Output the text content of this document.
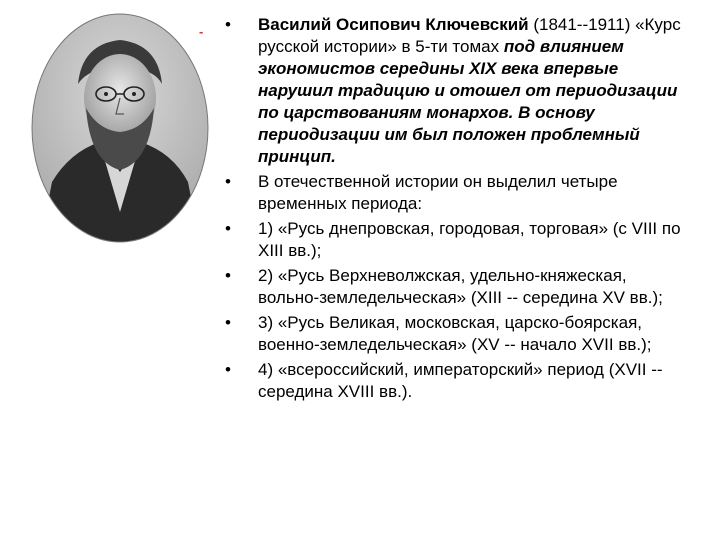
- • Василий Осипович Ключевский (1841--1911) «Курс русской истории» в 5-ти томах под влиянием экономистов середины XIX века впервые нарушил традицию и отошел от периодизации по царствованиям монархов. В основу периодизации им был положен проблемный принцип.
• В отечественной истории он выделил четыре временных периода:
• 1) «Русь днепровская, городовая, торговая» (с VIII по XIII вв.);
• 2) «Русь Верхневолжская, удельно-княжеская, вольно-земледельческая» (XIII -- середина XV вв.);
• 3) «Русь Великая, московская, царско-боярская, военно-земледельческая» (XV -- начало XVII вв.);
• 4) «всероссийский, императорский» период (XVII -- середина XVIII вв.).
